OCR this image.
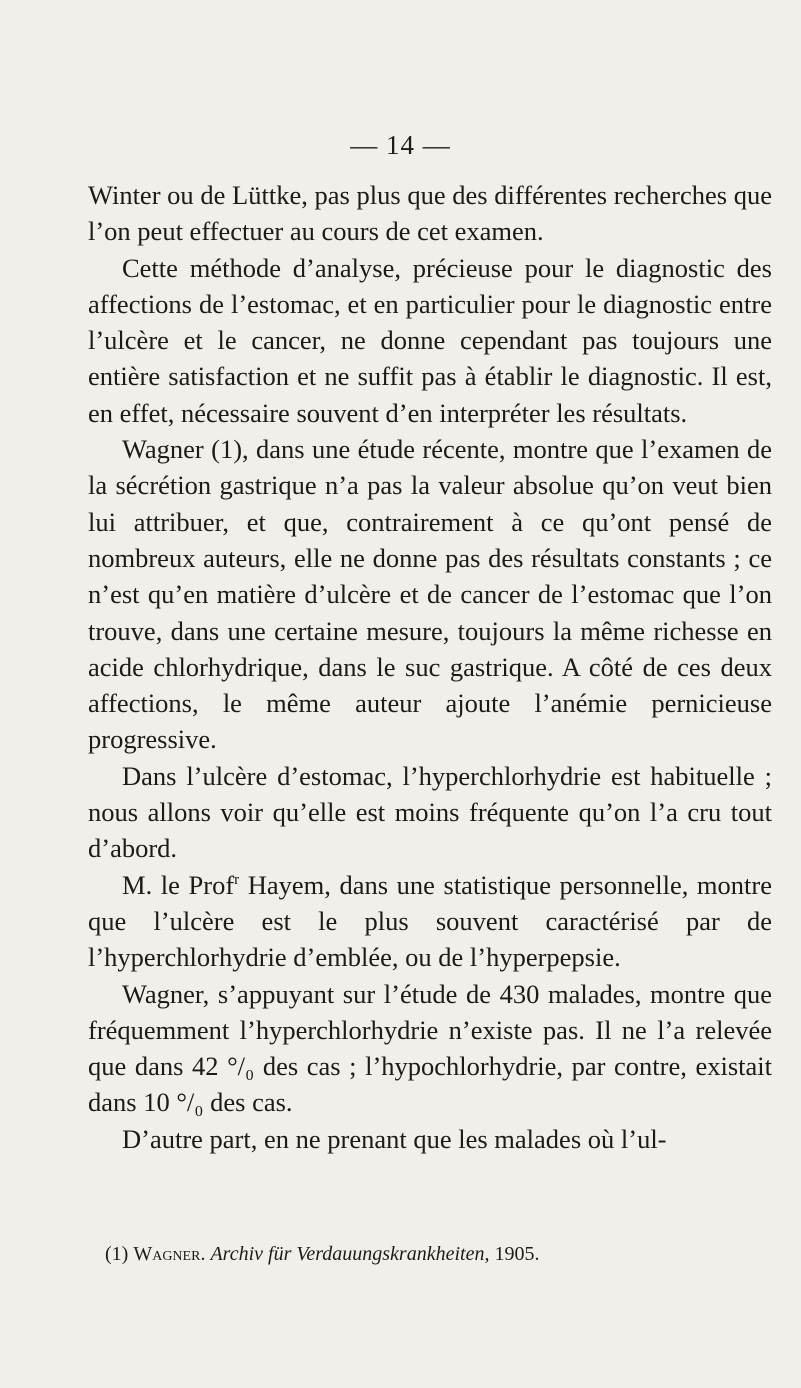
— 14 —

Winter ou de Lüttke, pas plus que des différentes recherches que l’on peut effectuer au cours de cet examen.

Cette méthode d’analyse, précieuse pour le diagnostic des affections de l’estomac, et en particulier pour le diagnostic entre l’ulcère et le cancer, ne donne cependant pas toujours une entière satisfaction et ne suffit pas à établir le diagnostic. Il est, en effet, nécessaire souvent d’en interpréter les résultats.

Wagner (1), dans une étude récente, montre que l’examen de la sécrétion gastrique n’a pas la valeur absolue qu’on veut bien lui attribuer, et que, contrairement à ce qu’ont pensé de nombreux auteurs, elle ne donne pas des résultats constants ; ce n’est qu’en matière d’ulcère et de cancer de l’estomac que l’on trouve, dans une certaine mesure, toujours la même richesse en acide chlorhydrique, dans le suc gastrique. A côté de ces deux affections, le même auteur ajoute l’anémie pernicieuse progressive.

Dans l’ulcère d’estomac, l’hyperchlorhydrie est habituelle ; nous allons voir qu’elle est moins fréquente qu’on l’a cru tout d’abord.

M. le Prof$^r$ Hayem, dans une statistique personnelle, montre que l’ulcère est le plus souvent caractérisé par de l’hyperchlorhydrie d’emblée, ou de l’hyperpepsie.

Wagner, s’appuyant sur l’étude de 430 malades, montre que fréquemment l’hyperchlorhydrie n’existe pas. Il ne l’a relevée que dans 42 °/₀ des cas ; l’hypochlorhydrie, par contre, existait dans 10 °/₀ des cas.

D’autre part, en ne prenant que les malades où l’ul-

(1) Wagner. Archiv für Verdauungskrankheiten, 1905.
